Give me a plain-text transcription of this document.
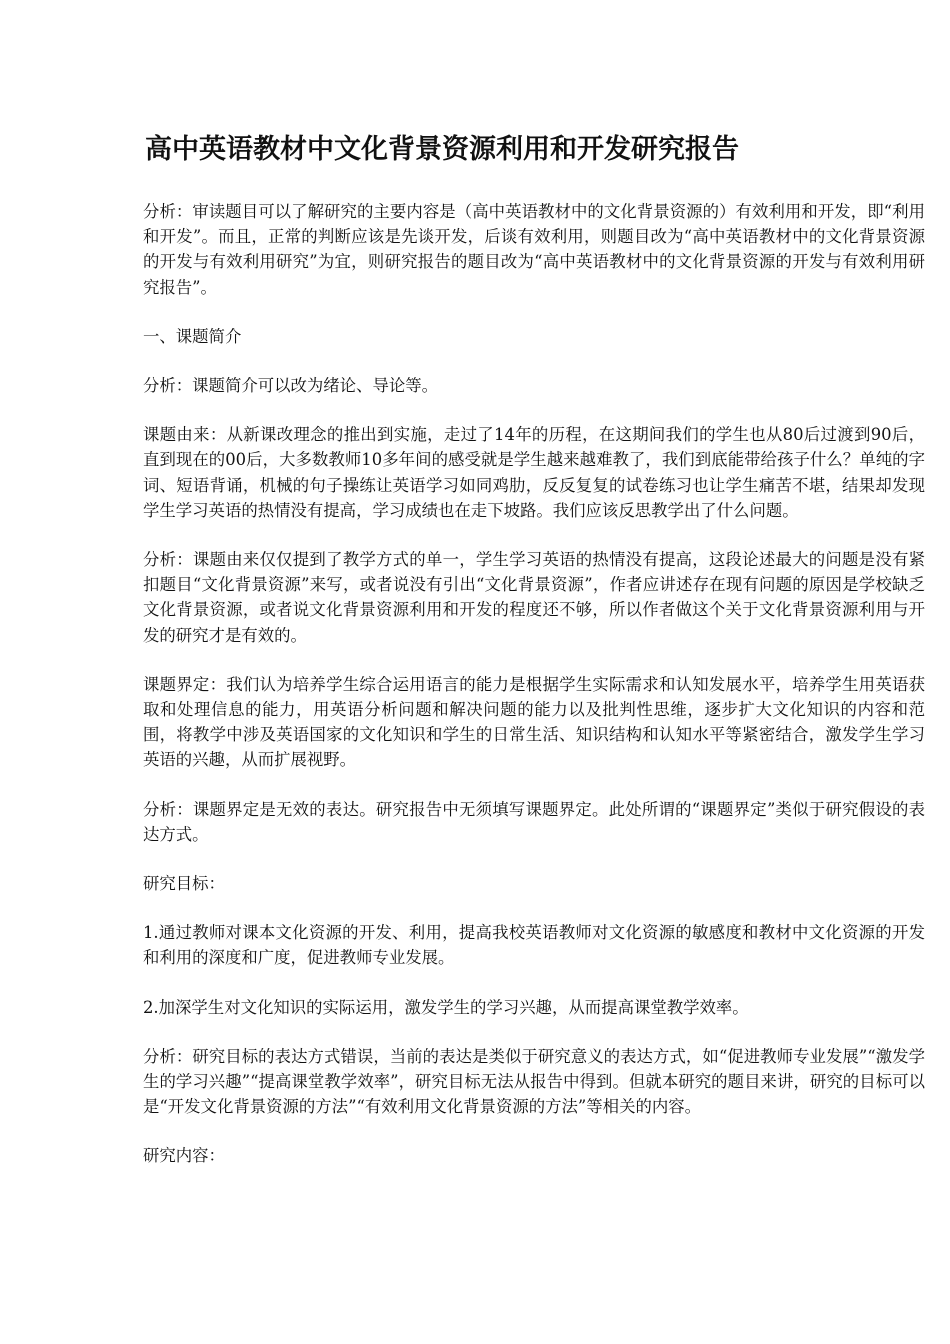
高中英语教材中文化背景资源利用和开发研究报告

分析：审读题目可以了解研究的主要内容是（高中英语教材中的文化背景资源的）有效利用和开发，即“利用和开发”。而且，正常的判断应该是先谈开发，后谈有效利用，则题目改为“高中英语教材中的文化背景资源的开发与有效利用研究”为宜，则研究报告的题目改为“高中英语教材中的文化背景资源的开发与有效利用研究报告”。

一、课题简介

分析：课题简介可以改为绪论、导论等。

课题由来：从新课改理念的推出到实施，走过了14年的历程，在这期间我们的学生也从80后过渡到90后，直到现在的00后，大多数教师10多年间的感受就是学生越来越难教了，我们到底能带给孩子什么？单纯的字词、短语背诵，机械的句子操练让英语学习如同鸡肋，反反复复的试卷练习也让学生痛苦不堪，结果却发现学生学习英语的热情没有提高，学习成绩也在走下坡路。我们应该反思教学出了什么问题。

分析：课题由来仅仅提到了教学方式的单一，学生学习英语的热情没有提高，这段论述最大的问题是没有紧扣题目“文化背景资源”来写，或者说没有引出“文化背景资源”，作者应讲述存在现有问题的原因是学校缺乏文化背景资源，或者说文化背景资源利用和开发的程度还不够，所以作者做这个关于文化背景资源利用与开发的研究才是有效的。

课题界定：我们认为培养学生综合运用语言的能力是根据学生实际需求和认知发展水平，培养学生用英语获取和处理信息的能力，用英语分析问题和解决问题的能力以及批判性思维，逐步扩大文化知识的内容和范围，将教学中涉及英语国家的文化知识和学生的日常生活、知识结构和认知水平等紧密结合，激发学生学习英语的兴趣，从而扩展视野。

分析：课题界定是无效的表达。研究报告中无须填写课题界定。此处所谓的“课题界定”类似于研究假设的表达方式。

研究目标：

1.通过教师对课本文化资源的开发、利用，提高我校英语教师对文化资源的敏感度和教材中文化资源的开发和利用的深度和广度，促进教师专业发展。

2.加深学生对文化知识的实际运用，激发学生的学习兴趣，从而提高课堂教学效率。

分析：研究目标的表达方式错误，当前的表达是类似于研究意义的表达方式，如“促进教师专业发展”“激发学生的学习兴趣”“提高课堂教学效率”，研究目标无法从报告中得到。但就本研究的题目来讲，研究的目标可以是“开发文化背景资源的方法”“有效利用文化背景资源的方法”等相关的内容。

研究内容：
